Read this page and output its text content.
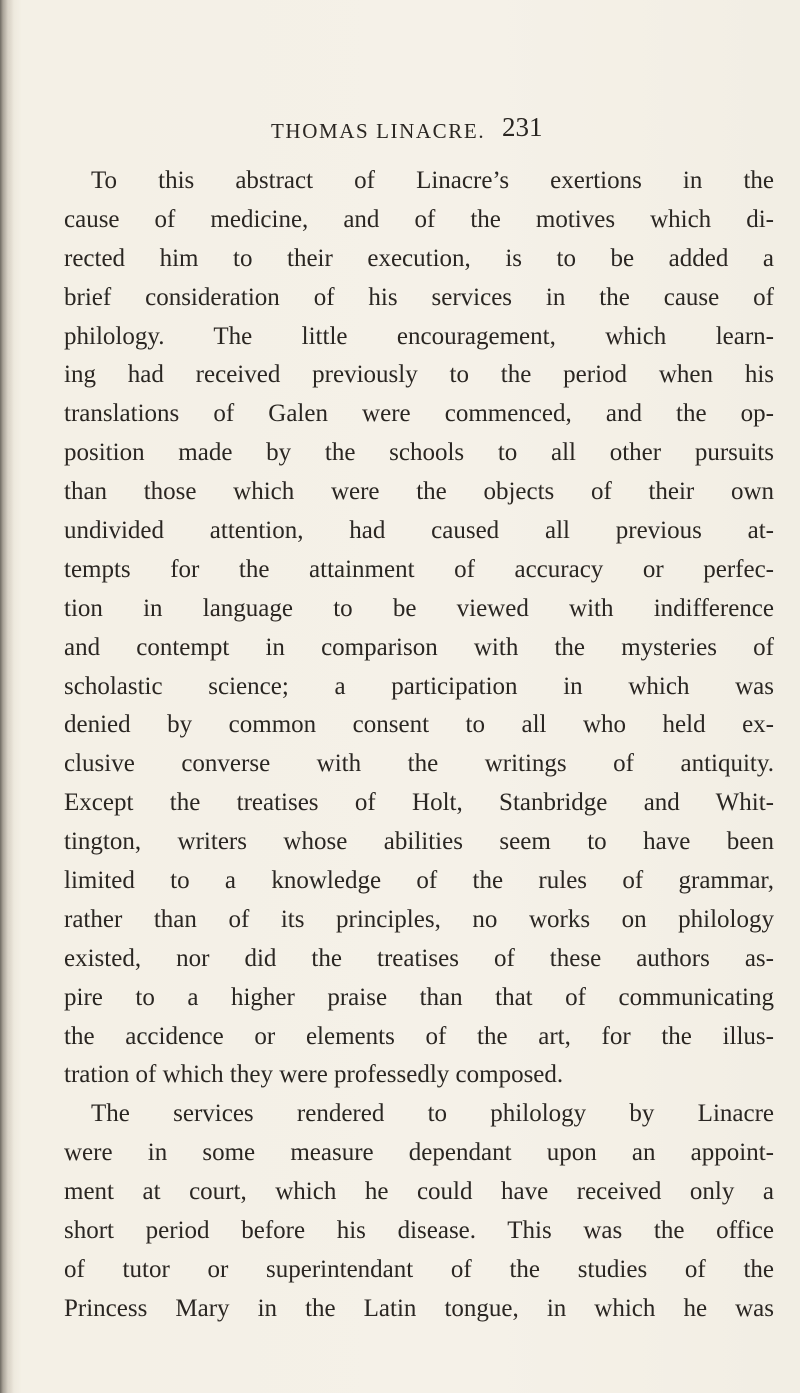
THOMAS LINACRE. 231
To this abstract of Linacre’s exertions in the
cause of medicine, and of the motives which di-
rected him to their execution, is to be added a
brief consideration of his services in the cause of
philology. The little encouragement, which learn-
ing had received previously to the period when his
translations of Galen were commenced, and the op-
position made by the schools to all other pursuits
than those which were the objects of their own
undivided attention, had caused all previous at-
tempts for the attainment of accuracy or perfec-
tion in language to be viewed with indifference
and contempt in comparison with the mysteries of
scholastic science; a participation in which was
denied by common consent to all who held ex-
clusive converse with the writings of antiquity.
Except the treatises of Holt, Stanbridge and Whit-
tington, writers whose abilities seem to have been
limited to a knowledge of the rules of grammar,
rather than of its principles, no works on philology
existed, nor did the treatises of these authors as-
pire to a higher praise than that of communicating
the accidence or elements of the art, for the illus-
tration of which they were professedly composed.
The services rendered to philology by Linacre
were in some measure dependant upon an appoint-
ment at court, which he could have received only a
short period before his disease. This was the office
of tutor or superintendant of the studies of the
Princess Mary in the Latin tongue, in which he was
